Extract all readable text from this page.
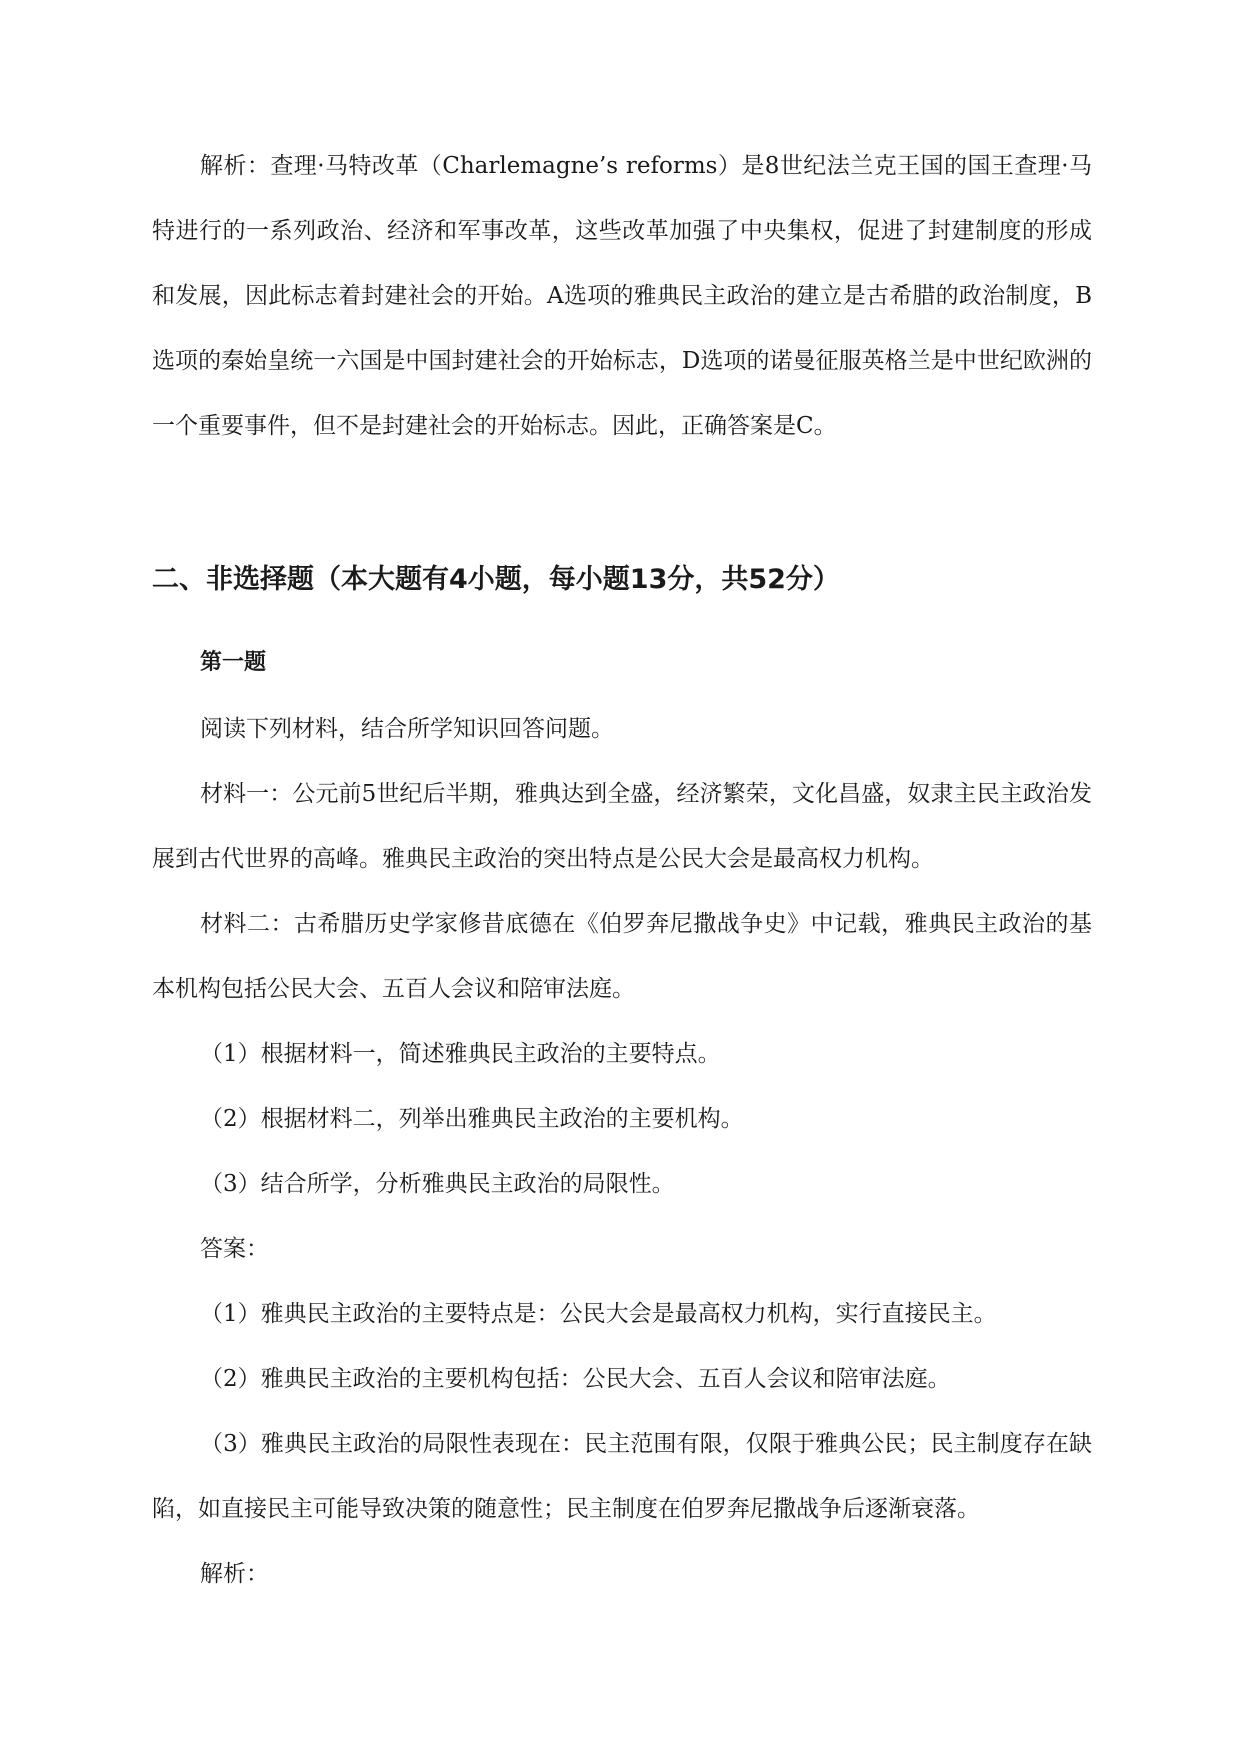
解析：查理·马特改革（Charlemagne’s reforms）是8世纪法兰克王国的国王查理·马特进行的一系列政治、经济和军事改革，这些改革加强了中央集权，促进了封建制度的形成和发展，因此标志着封建社会的开始。A选项的雅典民主政治的建立是古希腊的政治制度，B选项的秦始皇统一六国是中国封建社会的开始标志，D选项的诺曼征服英格兰是中世纪欧洲的一个重要事件，但不是封建社会的开始标志。因此，正确答案是C。

二、非选择题（本大题有4小题，每小题13分，共52分）
第一题

阅读下列材料，结合所学知识回答问题。

材料一：公元前5世纪后半期，雅典达到全盛，经济繁荣，文化昌盛，奴隶主民主政治发展到古代世界的高峰。雅典民主政治的突出特点是公民大会是最高权力机构。

材料二：古希腊历史学家修昔底德在《伯罗奔尼撒战争史》中记载，雅典民主政治的基本机构包括公民大会、五百人会议和陪审法庭。

（1）根据材料一，简述雅典民主政治的主要特点。

（2）根据材料二，列举出雅典民主政治的主要机构。

（3）结合所学，分析雅典民主政治的局限性。

答案：

（1）雅典民主政治的主要特点是：公民大会是最高权力机构，实行直接民主。

（2）雅典民主政治的主要机构包括：公民大会、五百人会议和陪审法庭。

（3）雅典民主政治的局限性表现在：民主范围有限，仅限于雅典公民；民主制度存在缺陷，如直接民主可能导致决策的随意性；民主制度在伯罗奔尼撒战争后逐渐衰落。

解析：
